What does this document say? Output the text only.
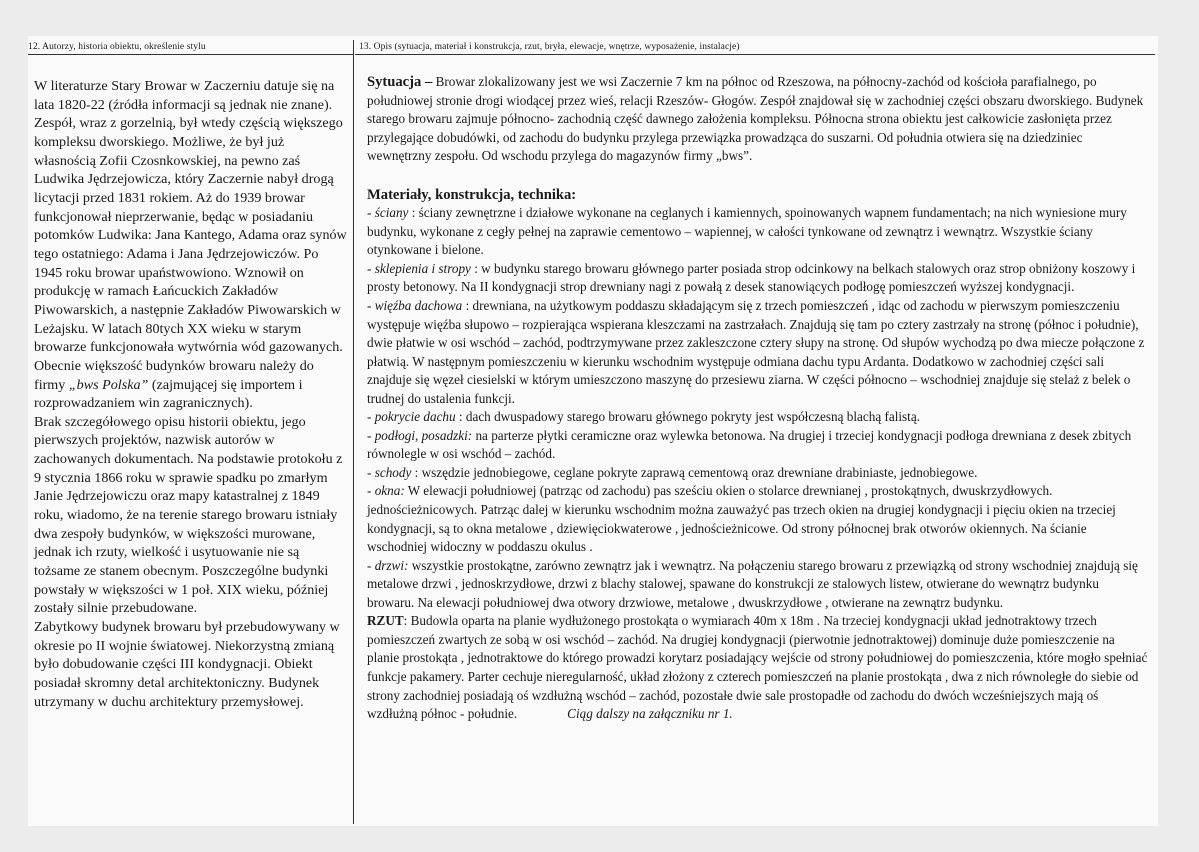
12. Autorzy, historia obiektu, określenie stylu

W literaturze Stary Browar w Zaczerniu datuje się na lata 1820-22 (źródła informacji są jednak nie znane). Zespół, wraz z gorzelnią, był wtedy częścią większego kompleksu dworskiego. Możliwe, że był już własnością Zofii Czosnkowskiej, na pewno zaś Ludwika Jędrzejowicza, który Zaczernie nabył drogą licytacji przed 1831 rokiem. Aż do 1939 browar funkcjonował nieprzerwanie, będąc w posiadaniu potomków Ludwika: Jana Kantego, Adama oraz synów tego ostatniego: Adama i Jana Jędrzejowiczów. Po 1945 roku browar upaństwowiono. Wznowił on produkcję w ramach Łańcuckich Zakładów Piwowarskich, a następnie Zakładów Piwowarskich w Leżajsku. W latach 80tych XX wieku w starym browarze funkcjonowała wytwórnia wód gazowanych. Obecnie większość budynków browaru należy do firmy „bws Polska” (zajmującej się importem i rozprowadzaniem win zagranicznych).

Brak szczegółowego opisu historii obiektu, jego pierwszych projektów, nazwisk autorów w zachowanych dokumentach. Na podstawie protokołu z 9 stycznia 1866 roku w sprawie spadku po zmarłym Janie Jędrzejowiczu oraz mapy katastralnej z 1849 roku, wiadomo, że na terenie starego browaru istniały dwa zespoły budynków, w większości murowane, jednak ich rzuty, wielkość i usytuowanie nie są tożsame ze stanem obecnym. Poszczególne budynki powstały w większości w 1 poł. XIX wieku, później zostały silnie przebudowane.

Zabytkowy budynek browaru był przebudowywany w okresie po II wojnie światowej. Niekorzystną zmianą było dobudowanie części III kondygnacji. Obiekt posiadał skromny detal architektoniczny. Budynek utrzymany w duchu architektury przemysłowej.

13. Opis (sytuacja, materiał i konstrukcja, rzut, bryła, elewacje, wnętrze, wyposażenie, instalacje)

Sytuacja – Browar zlokalizowany jest we wsi Zaczernie 7 km na północ od Rzeszowa, na północny-zachód od kościoła parafialnego, po południowej stronie drogi wiodącej przez wieś, relacji Rzeszów- Głogów. Zespół znajdował się w zachodniej części obszaru dworskiego. Budynek starego browaru zajmuje północno- zachodnią część dawnego założenia kompleksu. Północna strona obiektu jest całkowicie zasłonięta przez przylegające dobudówki, od zachodu do budynku przylega przewiązka prowadząca do suszarni. Od południa otwiera się na dziedziniec wewnętrzny zespołu. Od wschodu przylega do magazynów firmy „bws”.

Materiały, konstrukcja, technika:

- ściany : ściany zewnętrzne i działowe wykonane na ceglanych i kamiennych, spoinowanych wapnem fundamentach; na nich wyniesione mury budynku, wykonane z cegły pełnej na zaprawie cementowo – wapiennej, w całości tynkowane od zewnątrz i wewnątrz. Wszystkie ściany otynkowane i bielone.

- sklepienia i stropy : w budynku starego browaru głównego parter posiada strop odcinkowy na belkach stalowych oraz strop obniżony koszowy i prosty betonowy. Na II kondygnacji strop drewniany nagi z powałą z desek stanowiących podłogę pomieszczeń wyższej kondygnacji.

- więźba dachowa : drewniana, na użytkowym poddaszu składającym się z trzech pomieszczeń , idąc od zachodu w pierwszym pomieszczeniu występuje więźba słupowo – rozpierająca wspierana kleszczami na zastrzałach. Znajdują się tam po cztery zastrzały na stronę (północ i południe), dwie płatwie w osi wschód – zachód, podtrzymywane przez zakleszczone cztery słupy na stronę. Od słupów wychodzą po dwa miecze połączone z płatwią. W następnym pomieszczeniu w kierunku wschodnim występuje odmiana dachu typu Ardanta. Dodatkowo w zachodniej części sali znajduje się węzeł ciesielski w którym umieszczono maszynę do przesiewu ziarna. W części północno – wschodniej znajduje się stelaż z belek o trudnej do ustalenia funkcji.

- pokrycie dachu : dach dwuspadowy starego browaru głównego pokryty jest współczesną blachą falistą.

- podłogi, posadzki: na parterze płytki ceramiczne oraz wylewka betonowa. Na drugiej i trzeciej kondygnacji podłoga drewniana z desek zbitych równolegle w osi wschód – zachód.

- schody : wszędzie jednobiegowe, ceglane pokryte zaprawą cementową oraz drewniane drabiniaste, jednobiegowe.

- okna: W elewacji południowej (patrząc od zachodu) pas sześciu okien o stolarce drewnianej , prostokątnych, dwuskrzydłowych. jednościeżnicowych. Patrząc dalej w kierunku wschodnim można zauważyć pas trzech okien na drugiej kondygnacji i pięciu okien na trzeciej kondygnacji, są to okna metalowe , dziewięciokwaterowe , jednościeżnicowe. Od strony północnej brak otworów okiennych. Na ścianie wschodniej widoczny w poddaszu okulus .

- drzwi: wszystkie prostokątne, zarówno zewnątrz jak i wewnątrz. Na połączeniu starego browaru z przewiązką od strony wschodniej znajdują się metalowe drzwi , jednoskrzydłowe, drzwi z blachy stalowej, spawane do konstrukcji ze stalowych listew, otwierane do wewnątrz budynku browaru. Na elewacji południowej dwa otwory drzwiowe, metalowe , dwuskrzydłowe , otwierane na zewnątrz budynku.

RZUT: Budowla oparta na planie wydłużonego prostokąta o wymiarach 40m x 18m . Na trzeciej kondygnacji układ jednotraktowy trzech pomieszczeń zwartych ze sobą w osi wschód – zachód. Na drugiej kondygnacji (pierwotnie jednotraktowej) dominuje duże pomieszczenie na planie prostokąta , jednotraktowe do którego prowadzi korytarz posiadający wejście od strony południowej do pomieszczenia, które mogło spełniać funkcje pakamery. Parter cechuje nieregularność, układ złożony z czterech pomieszczeń na planie prostokąta , dwa z nich równoległe do siebie od strony zachodniej posiadają oś wzdłużną wschód – zachód, pozostałe dwie sale prostopadłe od zachodu do dwóch wcześniejszych mają oś wzdłużną północ - południe.	Ciąg dalszy na załączniku nr 1.
